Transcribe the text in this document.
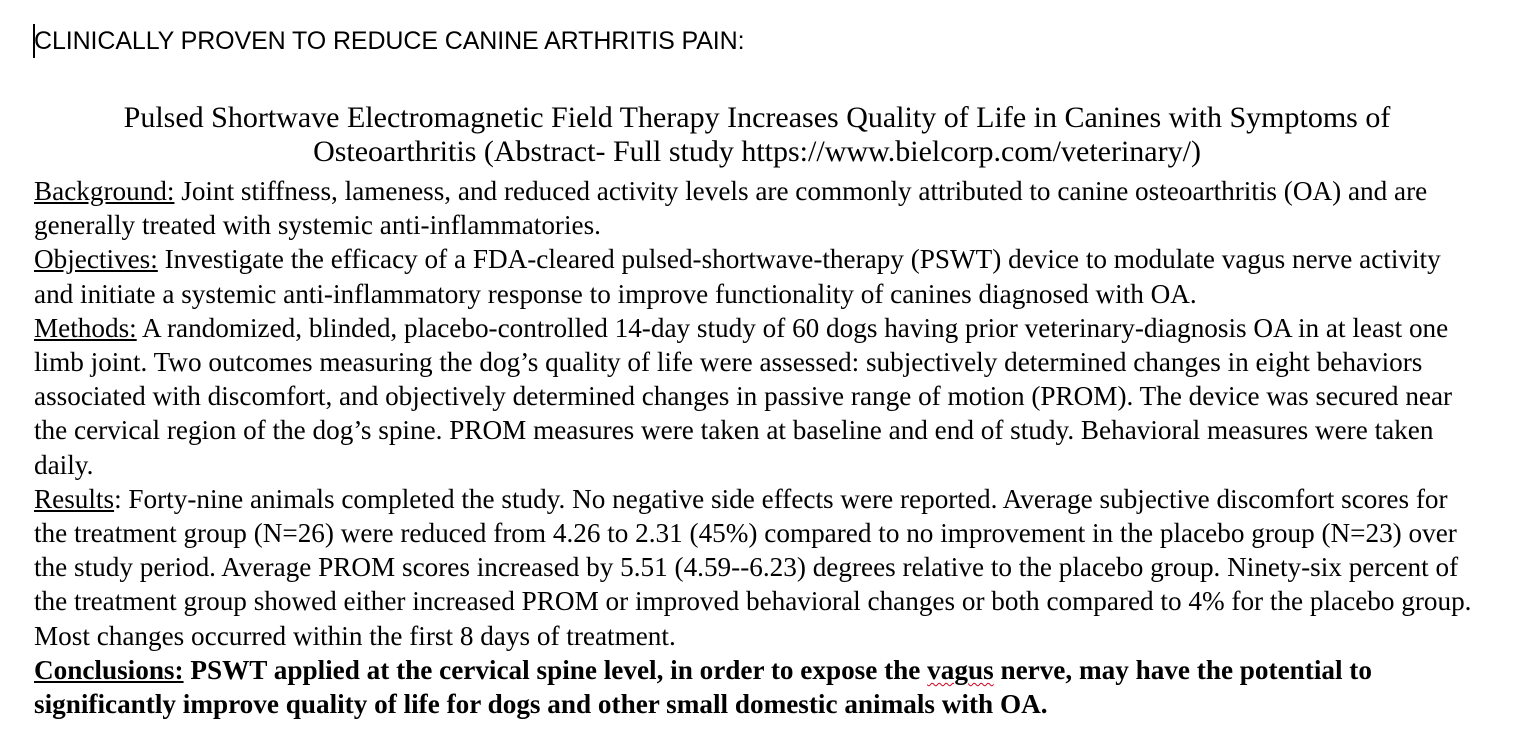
CLINICALLY PROVEN TO REDUCE CANINE ARTHRITIS PAIN:
Pulsed Shortwave Electromagnetic Field Therapy Increases Quality of Life in Canines with Symptoms of
Osteoarthritis (Abstract- Full study https://www.bielcorp.com/veterinary/)

Background: Joint stiffness, lameness, and reduced activity levels are commonly attributed to canine osteoarthritis (OA) and are generally treated with systemic anti-inflammatories.

Objectives: Investigate the efficacy of a FDA-cleared pulsed-shortwave-therapy (PSWT) device to modulate vagus nerve activity and initiate a systemic anti-inflammatory response to improve functionality of canines diagnosed with OA.

Methods: A randomized, blinded, placebo-controlled 14-day study of 60 dogs having prior veterinary-diagnosis OA in at least one limb joint. Two outcomes measuring the dog’s quality of life were assessed: subjectively determined changes in eight behaviors associated with discomfort, and objectively determined changes in passive range of motion (PROM). The device was secured near the cervical region of the dog’s spine. PROM measures were taken at baseline and end of study. Behavioral measures were taken daily.

Results: Forty-nine animals completed the study. No negative side effects were reported. Average subjective discomfort scores for the treatment group (N=26) were reduced from 4.26 to 2.31 (45%) compared to no improvement in the placebo group (N=23) over the study period. Average PROM scores increased by 5.51 (4.59--6.23) degrees relative to the placebo group. Ninety-six percent of the treatment group showed either increased PROM or improved behavioral changes or both compared to 4% for the placebo group. Most changes occurred within the first 8 days of treatment.

Conclusions: PSWT applied at the cervical spine level, in order to expose the vagus nerve, may have the potential to significantly improve quality of life for dogs and other small domestic animals with OA.
